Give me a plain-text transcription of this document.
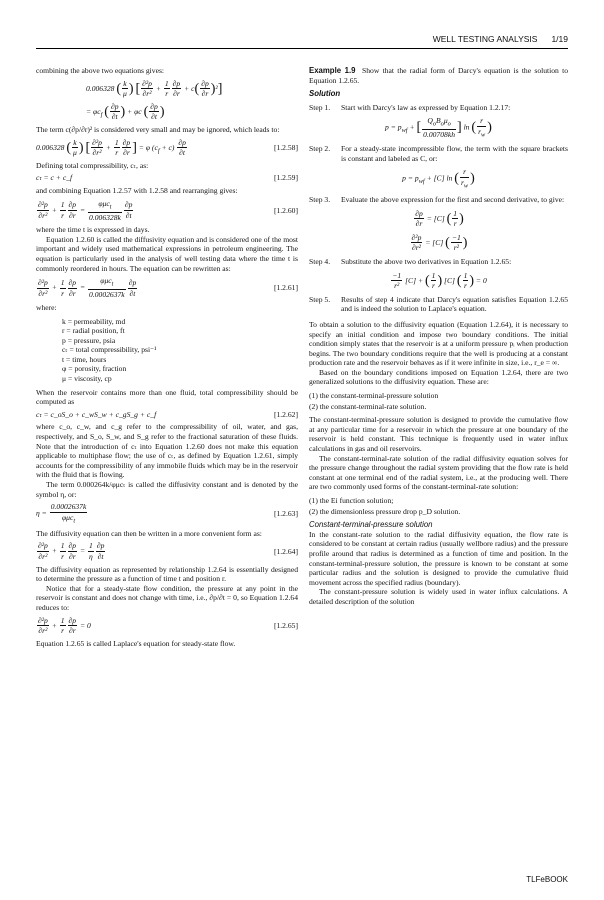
WELL TESTING ANALYSIS 1/19

combining the above two equations gives:

0.006328 ( $\frac{k}{\mu}$ ) [ $\frac{\text{∂²p}}{\text{∂r²}} + \frac{1}{r} \frac{\partial p}{\partial r} + c( \frac{\partial p}{\partial r} )^2$]
= $\varphi c_f$ ( $\frac{\partial p}{\partial t}$ ) + φc ( $\frac{\partial p}{\partial t}$ )

The term c(∂p/∂r)² is considered very small and may be ignored, which leads to:

0.006328 ( $\frac{k}{\mu}$ ) [ $\frac{\text{∂²p}}{\text{∂r²}} + \frac{1}{r} \frac{\partial p}{\partial r}$ ] = φ $(c_f + c) \frac{\partial p}{\partial t}$	[1.2.58]

Defining total compressibility, cₜ, as:

cₜ = c + c_f	[1.2.59]

and combining Equation 1.2.57 with 1.2.58 and rearranging gives:

$\frac{\text{∂²p}}{\text{∂r²}} + \frac{1}{r} \frac{\partial p}{\partial r} = \frac{\varphi\mu c_t}{0.006328k} \frac{\partial p}{\partial t}$	[1.2.60]

where the time t is expressed in days.

Equation 1.2.60 is called the diffusivity equation and is considered one of the most important and widely used mathematical expressions in petroleum engineering. The equation is particularly used in the analysis of well testing data where the time t is commonly reordered in hours. The equation can be rewritten as:

$\frac{\text{∂²p}}{\text{∂r²}} + \frac{1}{r} \frac{\partial p}{\partial r} = \frac{\varphi\mu c_t}{0.0002637k} \frac{\partial p}{\partial t}$	[1.2.61]

where:

k = permeability, md
r = radial position, ft
p = pressure, psia
cₜ = total compressibility, psi⁻¹
t = time, hours
φ = porosity, fraction
μ = viscosity, cp

When the reservoir contains more than one fluid, total compressibility should be computed as

cₜ = c_oS_o + c_wS_w + c_gS_g + c_f	[1.2.62]

where c_o, c_w, and c_g refer to the compressibility of oil, water, and gas, respectively, and S_o, S_w, and S_g refer to the fractional saturation of these fluids. Note that the introduction of cₜ into Equation 1.2.60 does not make this equation applicable to multiphase flow; the use of cₜ, as defined by Equation 1.2.61, simply accounts for the compressibility of any immobile fluids which may be in the reservoir with the fluid that is flowing.

The term 0.000264k/φμcₜ is called the diffusivity constant and is denoted by the symbol η, or:

$\eta = \frac{0.0002637k}{\varphi\mu c_t}$	[1.2.63]

The diffusivity equation can then be written in a more convenient form as:

$\frac{\text{∂²p}}{\text{∂r²}} + \frac{1}{r} \frac{\partial p}{\partial r} = \frac{1}{\eta} \frac{\partial p}{\partial t}$	[1.2.64]

The diffusivity equation as represented by relationship 1.2.64 is essentially designed to determine the pressure as a function of time t and position r.

Notice that for a steady-state flow condition, the pressure at any point in the reservoir is constant and does not change with time, i.e., ∂p/∂t = 0, so Equation 1.2.64 reduces to:

$\frac{\text{∂²p}}{\text{∂r²}} + \frac{1}{r} \frac{\partial p}{\partial r} = 0$	[1.2.65]

Equation 1.2.65 is called Laplace's equation for steady-state flow.

Example 1.9 Show that the radial form of Darcy's equation is the solution to Equation 1.2.65.

Solution
Step 1.	Start with Darcy's law as expressed by Equation 1.2.17:
$p = p_{wf}$ + [ $\frac{Q_oB_o\mu_o}{0.00708kh}$ ] ln ( $\frac{r}{r_w}$ )
Step 2.	For a steady-state incompressible flow, the term with the square brackets is constant and labeled as C, or:
$p = p_{wf} + [C]$ ln ( $\frac{r}{r_w}$ )
Step 3.	Evaluate the above expression for the first and second derivative, to give:
$\frac{\partial p}{\partial r} = [C]$ ( $\frac{1}{r}$ )
$\frac{\text{∂²p}}{\text{∂r²}} = [C]$ ( $\frac{-1}{\text{r²}}$ )
Step 4.	Substitute the above two derivatives in Equation 1.2.65:
$\frac{-1}{\text{r²}} [C]$ + ( $\frac{1}{r}$ ) [C] ( $\frac{1}{r}$ ) = 0
Step 5.	Results of step 4 indicate that Darcy's equation satisfies Equation 1.2.65 and is indeed the solution to Laplace's equation.

To obtain a solution to the diffusivity equation (Equation 1.2.64), it is necessary to specify an initial condition and impose two boundary conditions. The initial condition simply states that the reservoir is at a uniform pressure pᵢ when production begins. The two boundary conditions require that the well is producing at a constant production rate and the reservoir behaves as if it were infinite in size, i.e., r_e = ∞.

Based on the boundary conditions imposed on Equation 1.2.64, there are two generalized solutions to the diffusivity equation. These are:

(1) the constant-terminal-pressure solution
(2) the constant-terminal-rate solution.

The constant-terminal-pressure solution is designed to provide the cumulative flow at any particular time for a reservoir in which the pressure at one boundary of the reservoir is held constant. This technique is frequently used in water influx calculations in gas and oil reservoirs.

The constant-terminal-rate solution of the radial diffusivity equation solves for the pressure change throughout the radial system providing that the flow rate is held constant at one terminal end of the radial system, i.e., at the producing well. There are two commonly used forms of the constant-terminal-rate solution:

(1) the Ei function solution;
(2) the dimensionless pressure drop p_D solution.
Constant-terminal-pressure solution

In the constant-rate solution to the radial diffusivity equation, the flow rate is considered to be constant at certain radius (usually wellbore radius) and the pressure profile around that radius is determined as a function of time and position. In the constant-terminal-pressure solution, the pressure is known to be constant at some particular radius and the solution is designed to provide the cumulative fluid movement across the specified radius (boundary).

The constant-pressure solution is widely used in water influx calculations. A detailed description of the solution

TLFeBOOK
